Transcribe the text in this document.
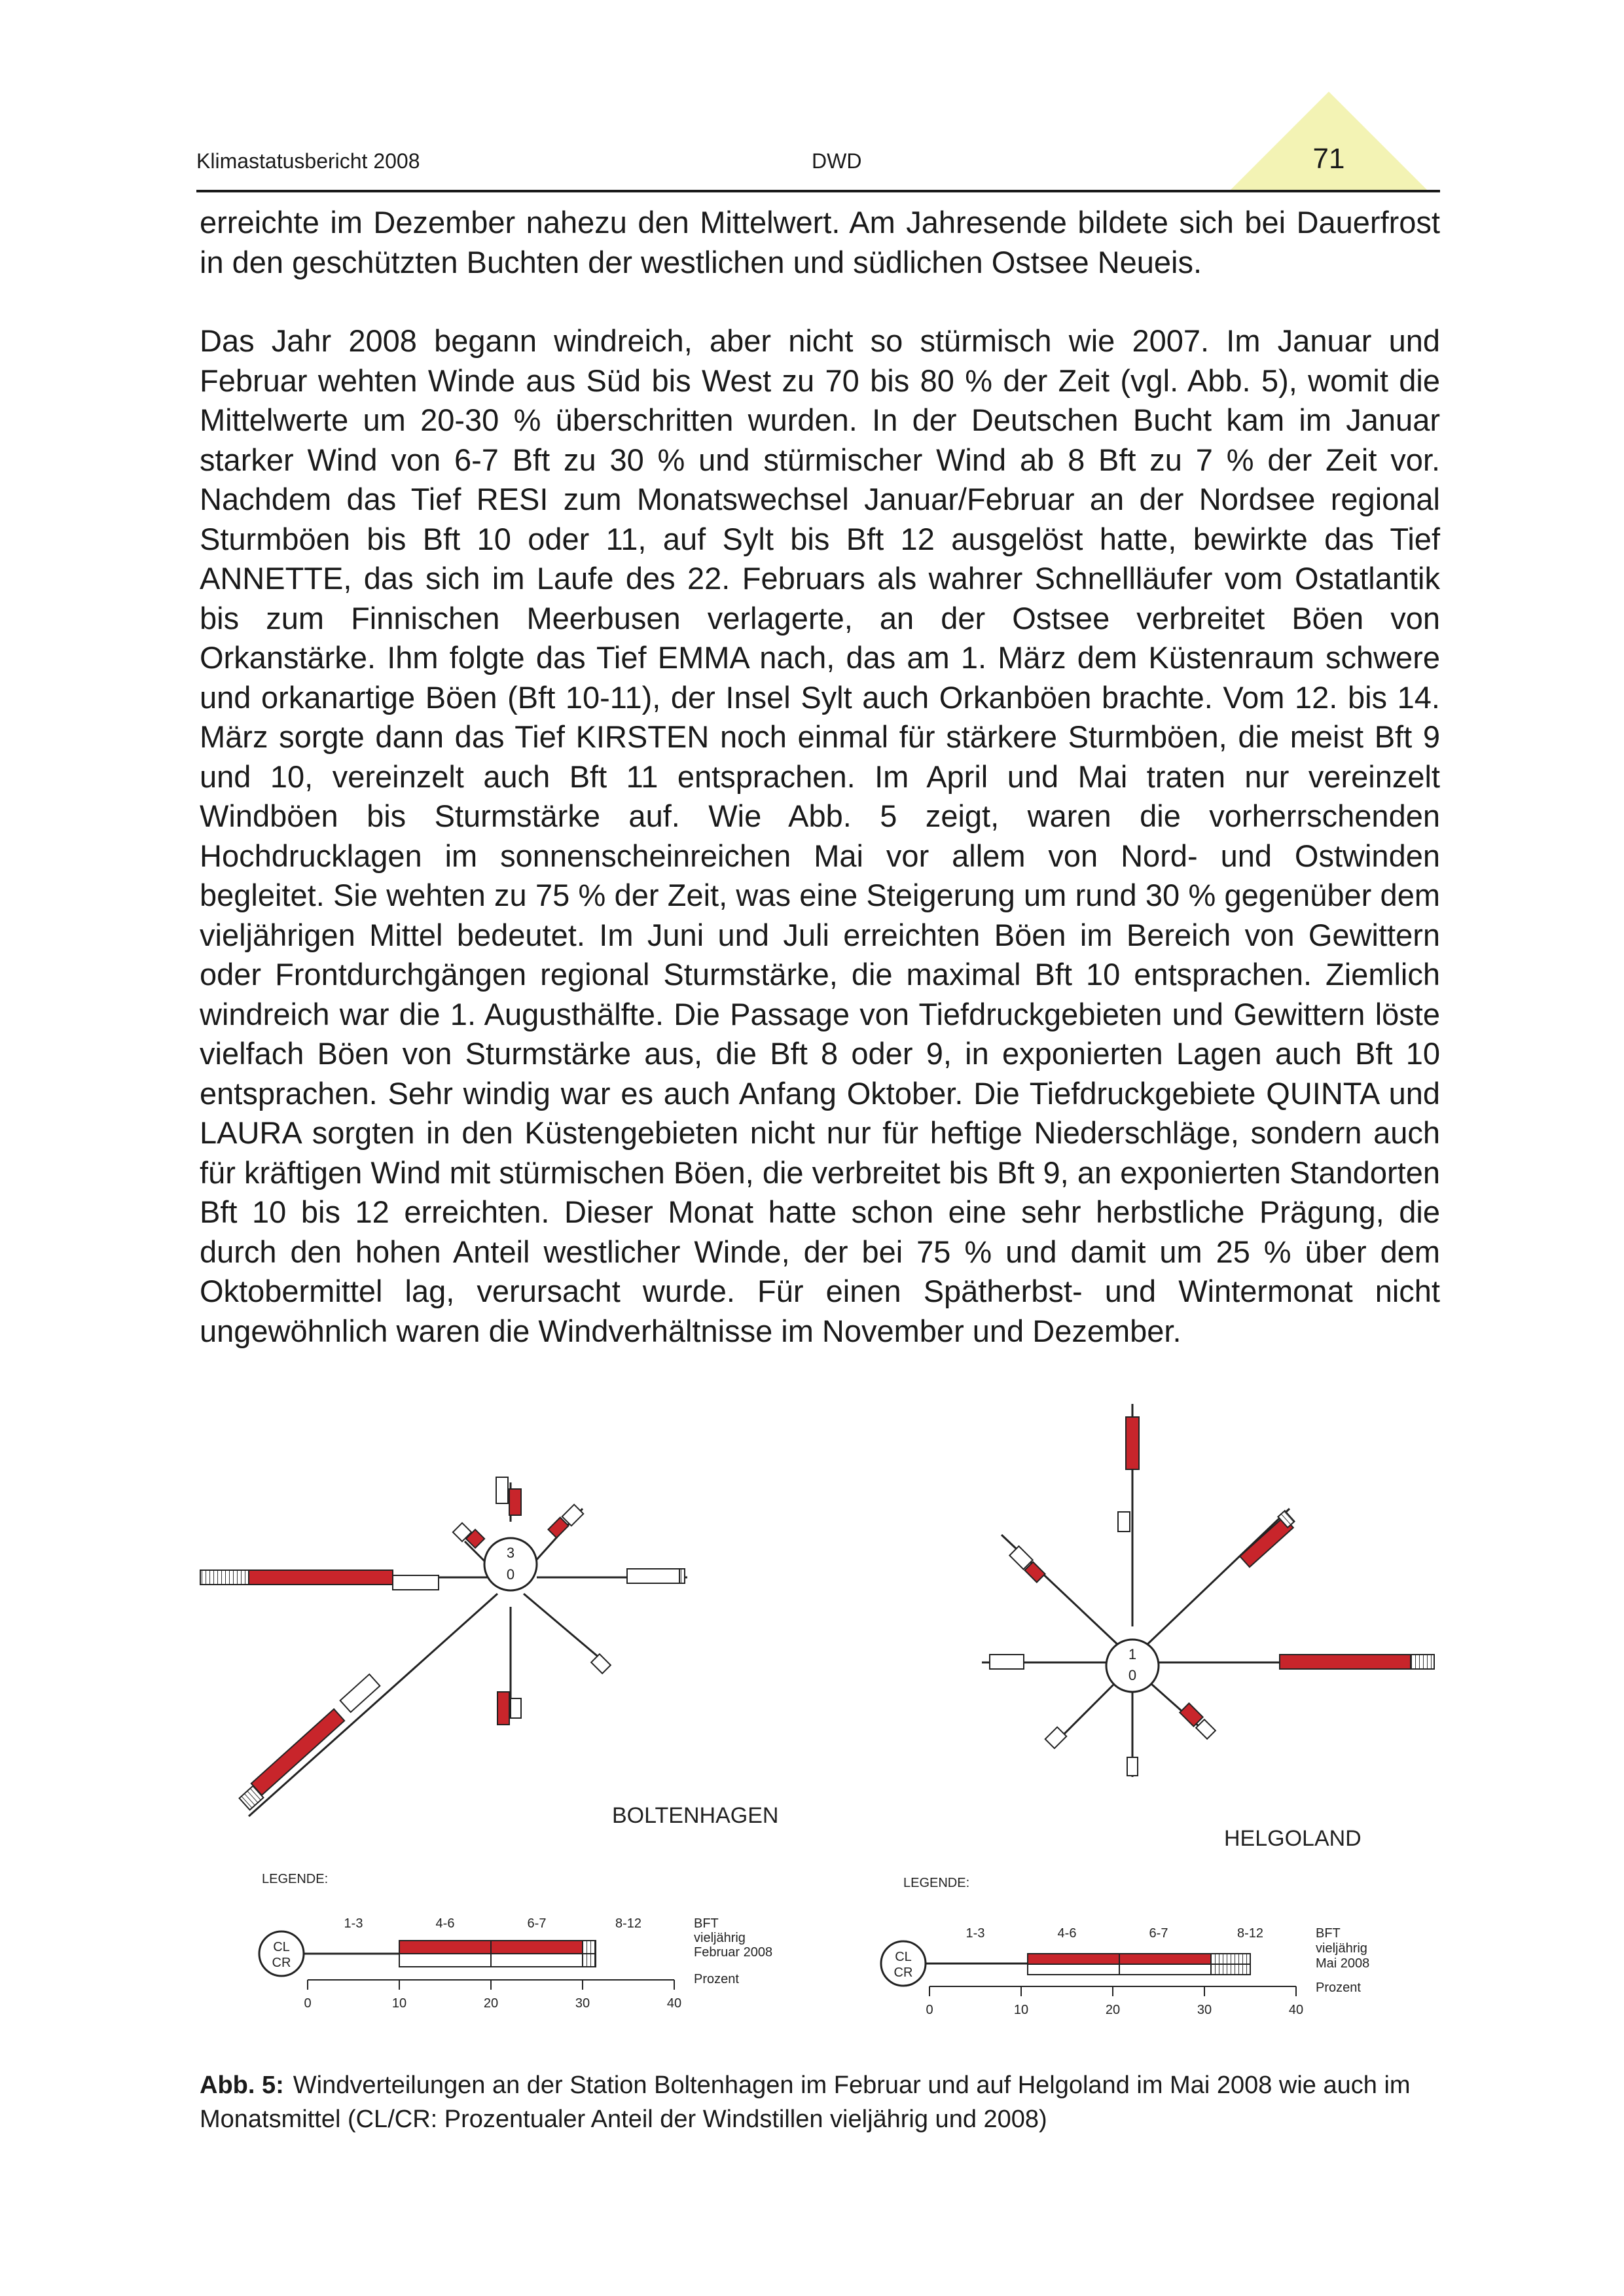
Klimastatusbericht 2008	DWD	71

erreichte im Dezember nahezu den Mittelwert. Am Jahresende bildete sich bei Dauerfrost in den geschützten Buchten der westlichen und südlichen Ostsee Neueis.

Das Jahr 2008 begann windreich, aber nicht so stürmisch wie 2007. Im Januar und Februar wehten Winde aus Süd bis West zu 70 bis 80 % der Zeit (vgl. Abb. 5), womit die Mittelwerte um 20-30 % überschritten wurden. In der Deutschen Bucht kam im Januar starker Wind von 6-7 Bft zu 30 % und stürmischer Wind ab 8 Bft zu 7 % der Zeit vor. Nachdem das Tief RESI zum Monatswechsel Januar/Februar an der Nordsee regional Sturmböen bis Bft 10 oder 11, auf Sylt bis Bft 12 ausgelöst hatte, bewirkte das Tief ANNETTE, das sich im Laufe des 22. Februars als wahrer Schnellläufer vom Ostatlantik bis zum Finnischen Meerbusen verlagerte, an der Ostsee verbreitet Böen von Orkanstärke. Ihm folgte das Tief EMMA nach, das am 1. März dem Küstenraum schwere und orkanartige Böen (Bft 10-11), der Insel Sylt auch Orkanböen brachte. Vom 12. bis 14. März sorgte dann das Tief KIRSTEN noch einmal für stärkere Sturmböen, die meist Bft 9 und 10, vereinzelt auch Bft 11 entsprachen. Im April und Mai traten nur vereinzelt Windböen bis Sturmstärke auf. Wie Abb. 5 zeigt, waren die vorherrschenden Hochdrucklagen im sonnenscheinreichen Mai vor allem von Nord- und Ostwinden begleitet. Sie wehten zu 75 % der Zeit, was eine Steigerung um rund 30 % gegenüber dem vieljährigen Mittel bedeutet. Im Juni und Juli erreichten Böen im Bereich von Gewittern oder Frontdurchgängen regional Sturmstärke, die maximal Bft 10 entsprachen. Ziemlich windreich war die 1. Augusthälfte. Die Passage von Tiefdruckgebieten und Gewittern löste vielfach Böen von Sturmstärke aus, die Bft 8 oder 9, in exponierten Lagen auch Bft 10 entsprachen. Sehr windig war es auch Anfang Oktober. Die Tiefdruckgebiete QUINTA und LAURA sorgten in den Küstengebieten nicht nur für heftige Niederschläge, sondern auch für kräftigen Wind mit stürmischen Böen, die verbreitet bis Bft 9, an exponierten Standorten Bft 10 bis 12 erreichten. Dieser Monat hatte schon eine sehr herbstliche Prägung, die durch den hohen Anteil westlicher Winde, der bei 75 % und damit um 25 % über dem Oktobermittel lag, verursacht wurde. Für einen Spätherbst- und Wintermonat nicht ungewöhnlich waren die Windverhältnisse im November und Dezember.

3
0
1
0
BOLTENHAGEN
HELGOLAND
LEGENDE:
CL
CR
1-3	4-6	6-7	8-12	BFT
vieljährig
Februar 2008
Prozent
0	10	20	30	40
LEGENDE:
CL
CR
1-3	4-6	6-7	8-12	BFT
vieljährig
Mai 2008
Prozent
0	10	20	30	40
Abb. 5: Windverteilungen an der Station Boltenhagen im Februar und auf Helgoland im Mai 2008 wie auch im Monatsmittel (CL/CR: Prozentualer Anteil der Windstillen vieljährig und 2008)
